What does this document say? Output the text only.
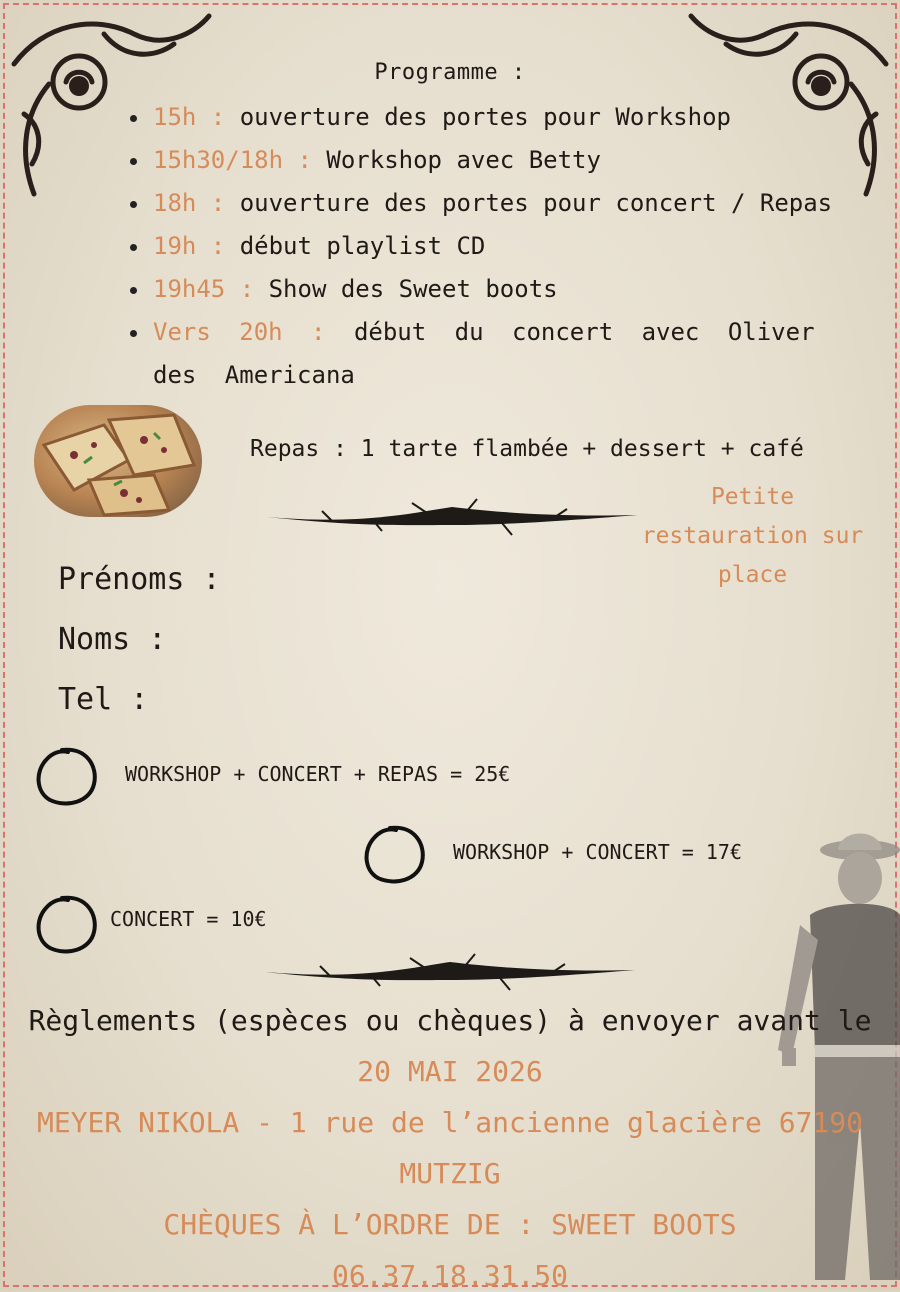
Programme :
15h : ouverture des portes pour Workshop
15h30/18h : Workshop avec Betty
18h : ouverture des portes pour concert / Repas
19h : début playlist CD
19h45 : Show des Sweet boots
Vers 20h : début du concert avec Oliver des Americana
Repas : 1 tarte flambée + dessert + café
Petite restauration sur place
Prénoms :
Noms :
Tel :
WORKSHOP + CONCERT + REPAS = 25€
WORKSHOP + CONCERT = 17€
CONCERT = 10€
Règlements (espèces ou chèques) à envoyer avant le
20 MAI 2026
MEYER NIKOLA - 1 rue de l’ancienne glacière 67190
MUTZIG
CHÈQUES À L’ORDRE DE : SWEET BOOTS
06.37.18.31.50
